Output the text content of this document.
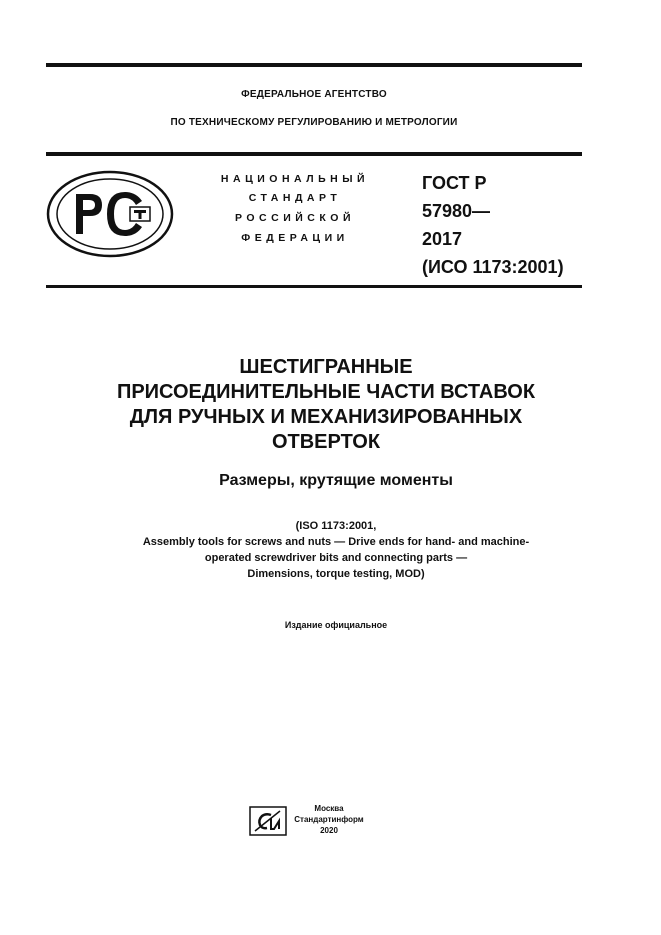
ФЕДЕРАЛЬНОЕ АГЕНТСТВО
ПО ТЕХНИЧЕСКОМУ РЕГУЛИРОВАНИЮ И МЕТРОЛОГИИ
НАЦИОНАЛЬНЫЙ
СТАНДАРТ
РОССИЙСКОЙ
ФЕДЕРАЦИИ
ГОСТ Р
57980—
2017
(ИСО 1173:2001)
ШЕСТИГРАННЫЕ
ПРИСОЕДИНИТЕЛЬНЫЕ ЧАСТИ ВСТАВОК
ДЛЯ РУЧНЫХ И МЕХАНИЗИРОВАННЫХ
ОТВЕРТОК
Размеры, крутящие моменты
(ISO 1173:2001,
Assembly tools for screws and nuts — Drive ends for hand- and machine-
operated screwdriver bits and connecting parts —
Dimensions, torque testing, MOD)
Издание официальное
Москва
Стандартинформ
2020
